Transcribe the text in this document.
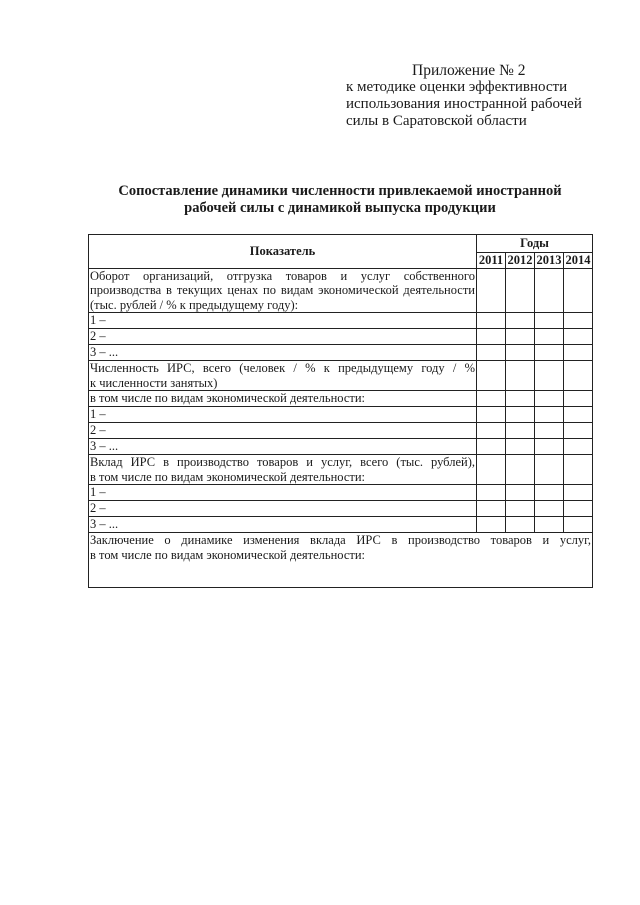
Приложение № 2
к методике оценки эффективности
использования иностранной рабочей
силы в Саратовской области
Сопоставление динамики численности привлекаемой иностранной
рабочей силы с динамикой выпуска продукции
Показатель	Годы			
	2011	2012	2013	2014

Оборот организаций, отгрузка товаров и услуг собственного
производства в текущих ценах по видам экономической деятельности
(тыс. рублей / % к предыдущему году):				

1 –				
2 –				
3 – ...				

Численность ИРС, всего (человек / % к предыдущему году / %
к численности занятых)				

в том числе по видам экономической деятельности:				
1 –				
2 –				
3 – ...				

Вклад ИРС в производство товаров и услуг, всего (тыс. рублей),
в том числе по видам экономической деятельности:				

1 –				
2 –				
3 – ...				

Заключение о динамике изменения вклада ИРС в производство товаров и услуг,
в том числе по видам экономической деятельности:				
